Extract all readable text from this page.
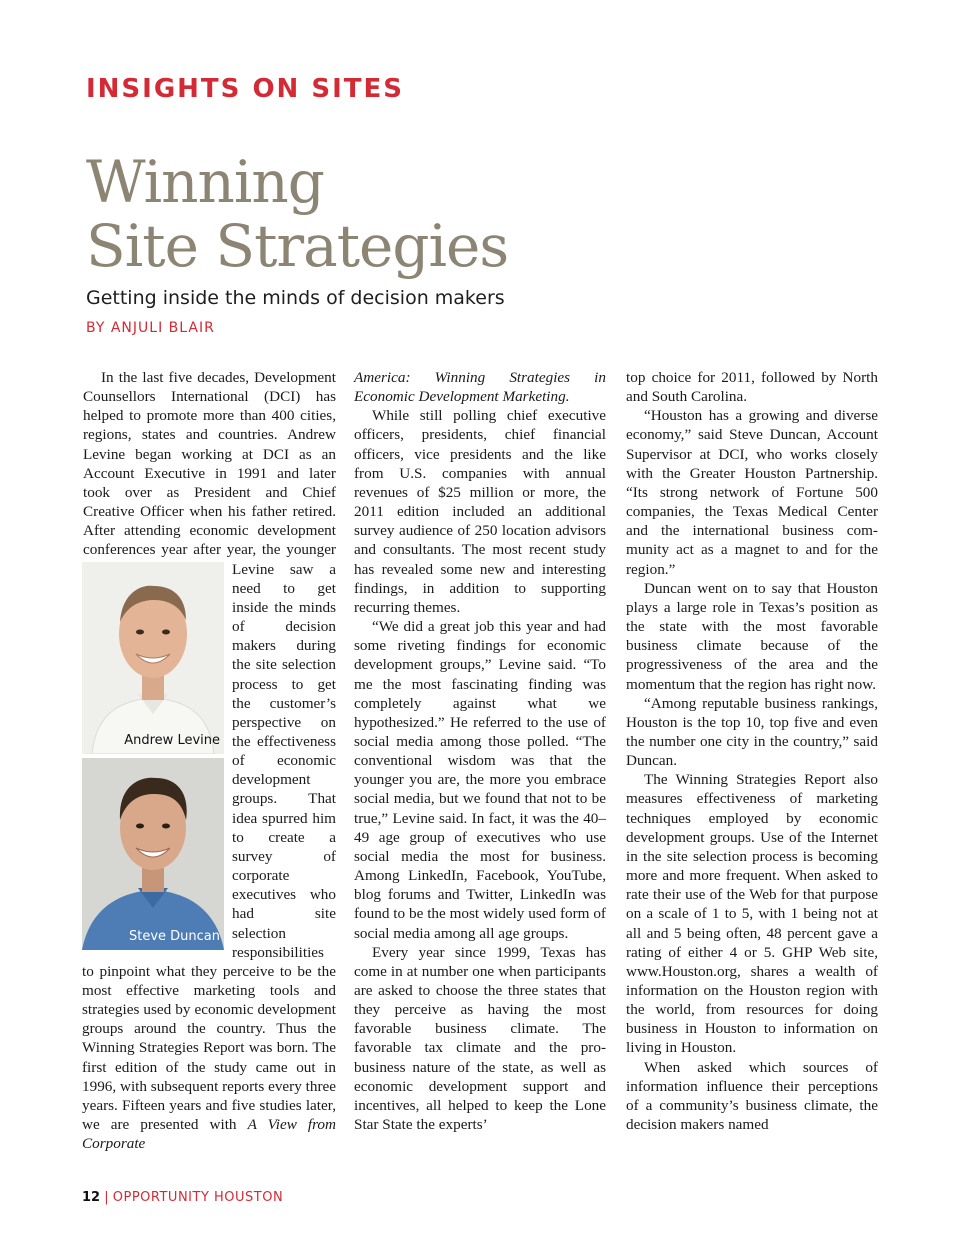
INSIGHTS ON SITES
Winning
Site Strategies
Getting inside the minds of decision makers
BY ANJULI BLAIR
Andrew Levine
Steve Duncan

In the last five decades, Development Counsellors International (DCI) has helped to promote more than 400 cities, regions, states and countries. Andrew Levine began working at DCI as an Account Executive in 1991 and later took over as President and Chief Creative Officer when his father retired. After attending economic development conferences year after year, the younger Levine saw a need to get inside the minds of decision makers during the site selection process to get the customer’s perspective on the effectiveness of economic development groups. That idea spurred him to create a survey of corporate executives who had site selection responsibilities to pinpoint what they perceive to be the most effective marketing tools and strategies used by economic development groups around the country. Thus the Winning Strategies Report was born. The first edition of the study came out in 1996, with subsequent reports every three years. Fifteen years and five studies later, we are presented with A View from Corporate

America: Winning Strategies in Economic Development Marketing.

While still polling chief executive officers, presidents, chief financial officers, vice presidents and the like from U.S. companies with annual revenues of $25 million or more, the 2011 edition included an additional survey audience of 250 location advisors and consultants. The most recent study has revealed some new and interesting findings, in addition to supporting recurring themes.

“We did a great job this year and had some riveting findings for economic development groups,” Levine said. “To me the most fascinating finding was completely against what we hypothesized.” He referred to the use of social media among those polled. “The conventional wisdom was that the younger you are, the more you embrace social media, but we found that not to be true,” Levine said. In fact, it was the 40–49 age group of executives who use social media the most for business. Among LinkedIn, Facebook, YouTube, blog forums and Twitter, LinkedIn was found to be the most widely used form of social media among all age groups.

Every year since 1999, Texas has come in at number one when participants are asked to choose the three states that they perceive as having the most favorable business climate. The favorable tax climate and the pro-business nature of the state, as well as economic development support and incentives, all helped to keep the Lone Star State the experts’

top choice for 2011, followed by North and South Carolina.

“Houston has a growing and diverse economy,” said Steve Duncan, Account Supervisor at DCI, who works closely with the Greater Houston Partnership. “Its strong network of Fortune 500 companies, the Texas Medical Center and the international business com-munity act as a magnet to and for the region.”

Duncan went on to say that Houston plays a large role in Texas’s position as the state with the most favorable business climate because of the progressiveness of the area and the momentum that the region has right now.

“Among reputable business rankings, Houston is the top 10, top five and even the number one city in the country,” said Duncan.

The Winning Strategies Report also measures effectiveness of marketing techniques employed by economic development groups. Use of the Internet in the site selection process is becoming more and more frequent. When asked to rate their use of the Web for that purpose on a scale of 1 to 5, with 1 being not at all and 5 being often, 48 percent gave a rating of either 4 or 5. GHP Web site, www.Houston.org, shares a wealth of information on the Houston region with the world, from resources for doing business in Houston to information on living in Houston.

When asked which sources of information influence their perceptions of a community’s business climate, the decision makers named

12 | OPPORTUNITY HOUSTON
